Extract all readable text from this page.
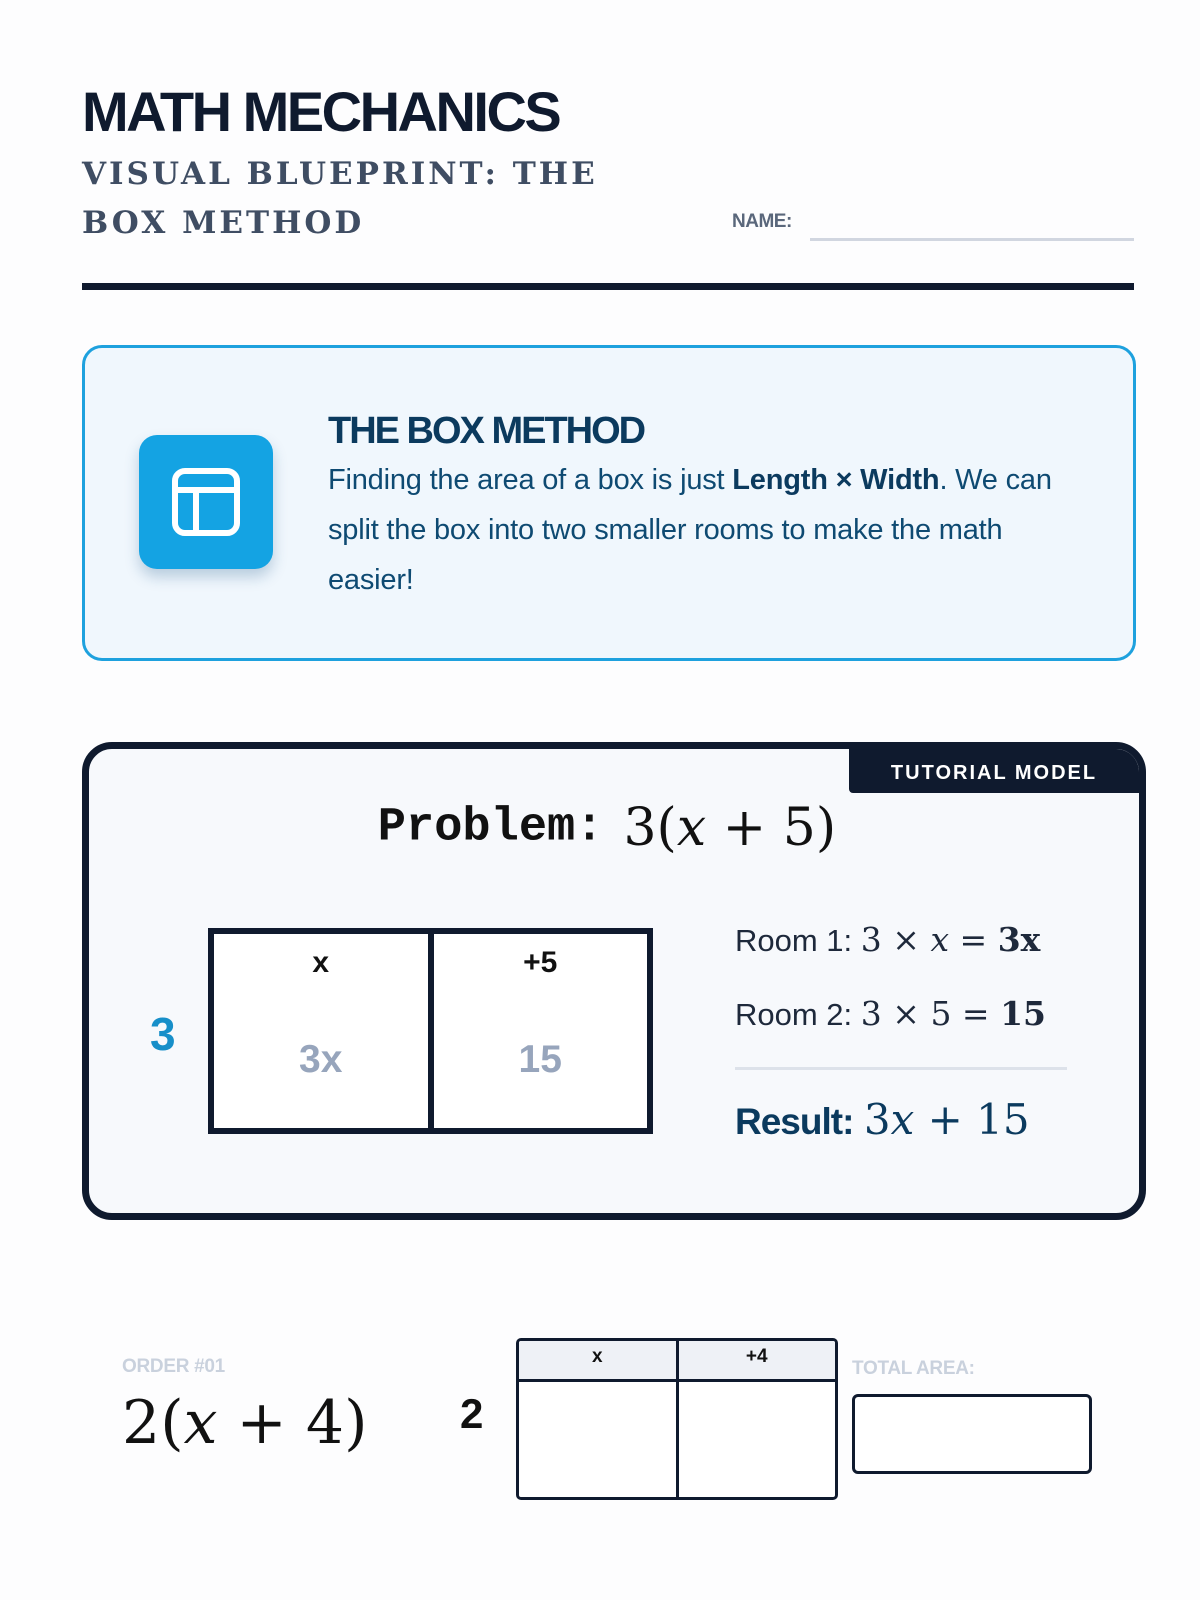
MATH MECHANICS
VISUAL BLUEPRINT: THE BOX METHOD	NAME:
THE BOX METHOD
Finding the area of a box is just Length × Width. We can split the box into two smaller rooms to make the math easier!
TUTORIAL MODEL
Problem: 3(x + 5)
3
x
3x
+5
15
Room 1: 3 × x = 3x
Room 2: 3 × 5 = 15
Result: 3x + 15
ORDER #01
2(x + 4) 2
x	+4
TOTAL AREA:
